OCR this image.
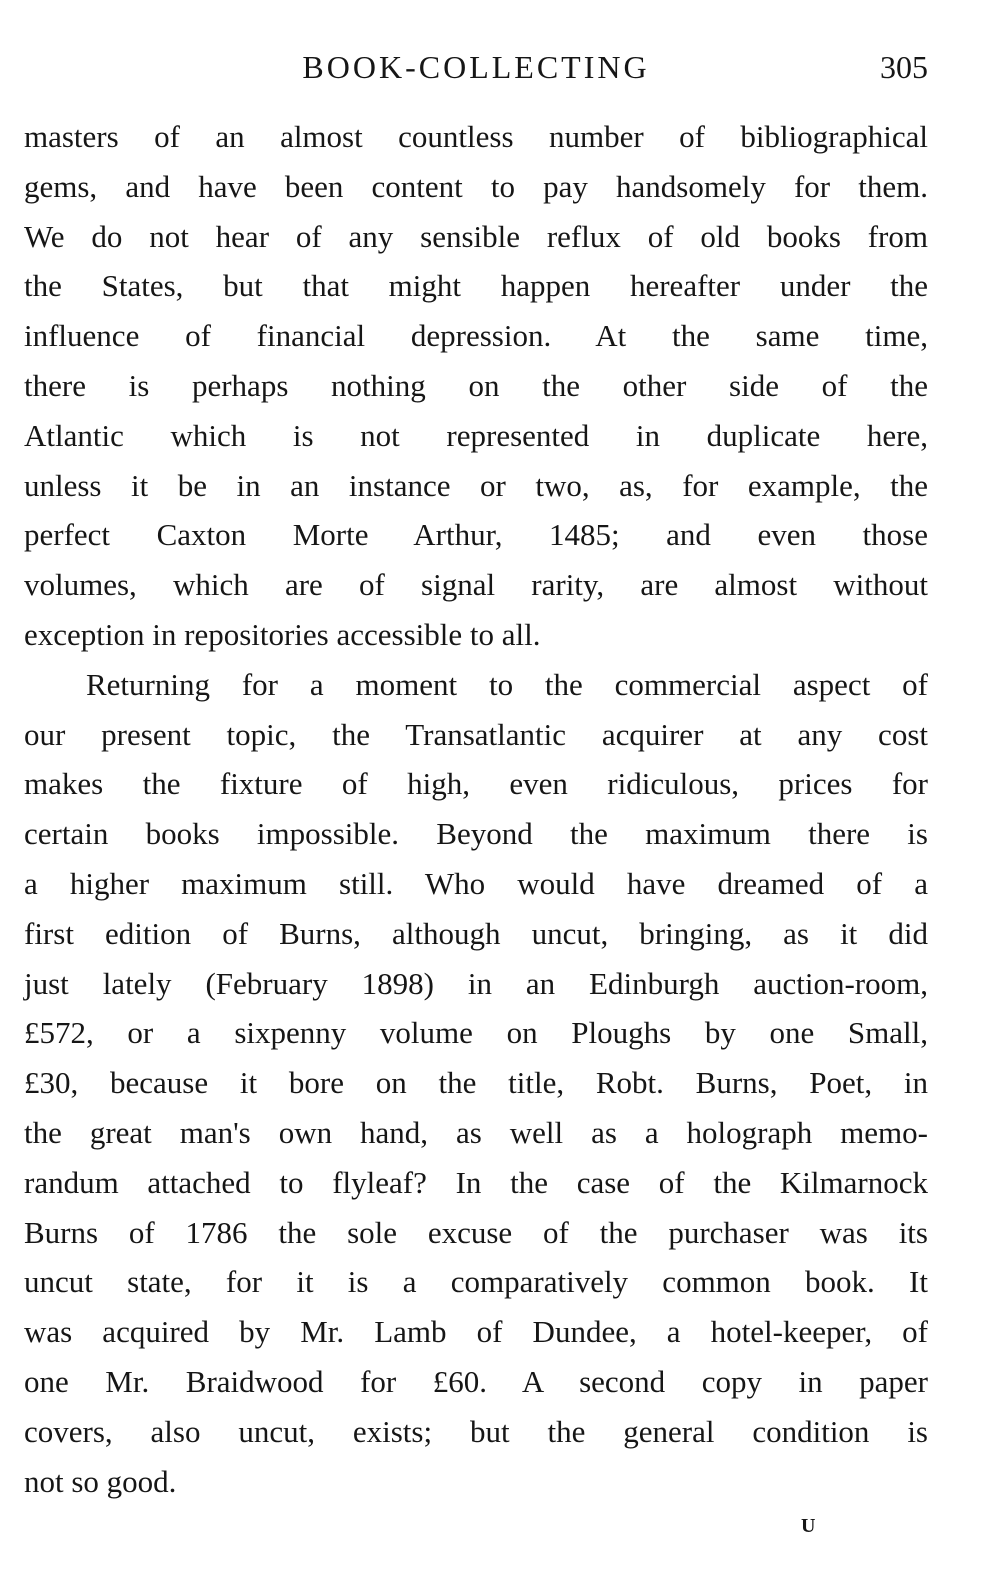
BOOK-COLLECTING	305

masters of an almost countless number of bibliographical
gems, and have been content to pay handsomely for them.
We do not hear of any sensible reflux of old books from
the States, but that might happen hereafter under the
influence of financial depression. At the same time,
there is perhaps nothing on the other side of the
Atlantic which is not represented in duplicate here,
unless it be in an instance or two, as, for example, the
perfect Caxton Morte Arthur, 1485; and even those
volumes, which are of signal rarity, are almost without
exception in repositories accessible to all.

Returning for a moment to the commercial aspect of
our present topic, the Transatlantic acquirer at any cost
makes the fixture of high, even ridiculous, prices for
certain books impossible. Beyond the maximum there is
a higher maximum still. Who would have dreamed of a
first edition of Burns, although uncut, bringing, as it did
just lately (February 1898) in an Edinburgh auction-room,
£572, or a sixpenny volume on Ploughs by one Small,
£30, because it bore on the title, Robt. Burns, Poet, in
the great man's own hand, as well as a holograph memo-
randum attached to flyleaf? In the case of the Kilmarnock
Burns of 1786 the sole excuse of the purchaser was its
uncut state, for it is a comparatively common book. It
was acquired by Mr. Lamb of Dundee, a hotel-keeper, of
one Mr. Braidwood for £60. A second copy in paper
covers, also uncut, exists; but the general condition is
not so good.

U
